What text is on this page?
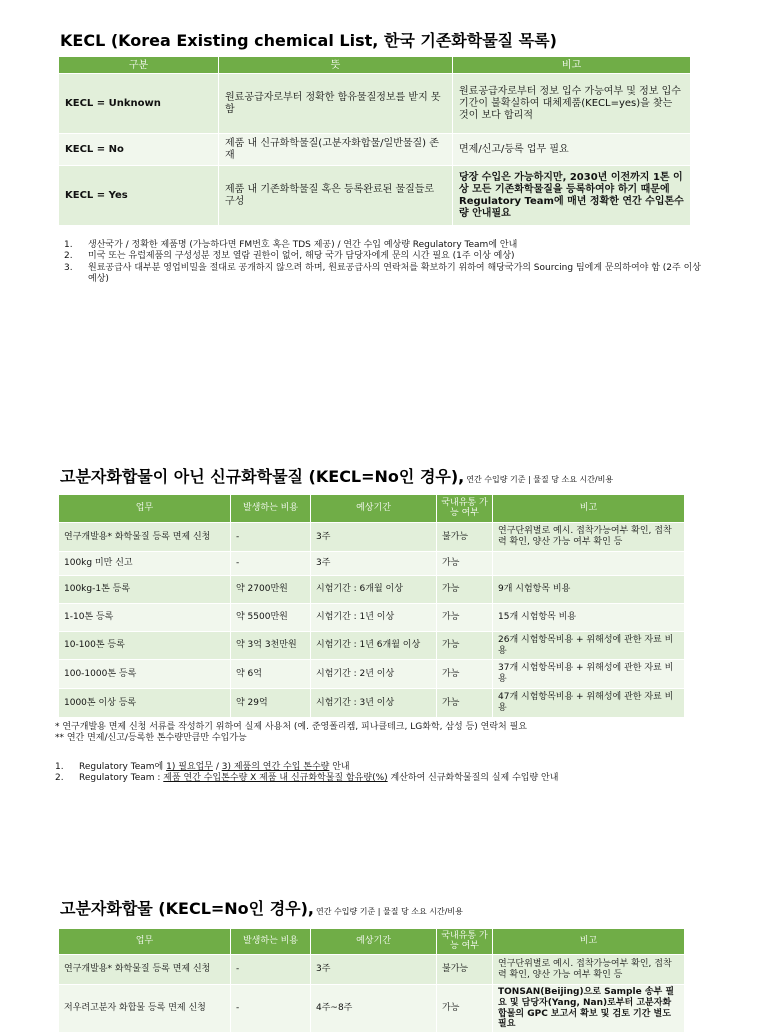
KECL (Korea Existing chemical List, 한국 기존화학물질 목록)
구분	뜻	비고
KECL = Unknown	원료공급자로부터 정확한 함유물질정보를 받지 못함	원료공급자로부터 정보 입수 가능여부 및 정보 입수 기간이 불확실하여 대체제품(KECL=yes)을 찾는 것이 보다 합리적
KECL = No	제품 내 신규화학물질(고분자화합물/일반물질) 존재	면제/신고/등록 업무 필요
KECL = Yes	제품 내 기존화학물질 혹은 등록완료된 물질들로 구성	당장 수입은 가능하지만, 2030년 이전까지 1톤 이상 모든 기존화학물질을 등록하여야 하기 때문에 Regulatory Team에 매년 정확한 연간 수입톤수량 안내필요
1.	생산국가 / 정확한 제품명 (가능하다면 FM번호 혹은 TDS 제공) / 연간 수입 예상량 Regulatory Team에 안내
2.	미국 또는 유럽제품의 구성성분 정보 열람 권한이 없어, 해당 국가 담당자에게 문의 시간 필요 (1주 이상 예상)
3.	원료공급사 대부분 영업비밀을 절대로 공개하지 않으려 하며, 원료공급사의 연락처를 확보하기 위하여 해당국가의 Sourcing 팀에게 문의하여야 함 (2주 이상 예상)
고분자화합물이 아닌 신규화학물질 (KECL=No인 경우), 연간 수입량 기준 | 물질 당 소요 시간/비용
업무	발생하는 비용	예상기간	국내유통 가능 여부	비고
연구개발용* 화학물질 등록 면제 신청	-	3주	불가능	연구단위별로 예시. 접착가능여부 확인, 접착력 확인, 양산 가능 여부 확인 등
100kg 미만 신고	-	3주	가능	
100kg-1톤 등록	약 2700만원	시험기간 : 6개월 이상	가능	9개 시험항목 비용
1-10톤 등록	약 5500만원	시험기간 : 1년 이상	가능	15개 시험항목 비용
10-100톤 등록	약 3억 3천만원	시험기간 : 1년 6개월 이상	가능	26개 시험항목비용 + 위해성에 관한 자료 비용
100-1000톤 등록	약 6억	시험기간 : 2년 이상	가능	37개 시험항목비용 + 위해성에 관한 자료 비용
1000톤 이상 등록	약 29억	시험기간 : 3년 이상	가능	47개 시험항목비용 + 위해성에 관한 자료 비용
* 연구개발용 면제 신청 서류를 작성하기 위하여 실제 사용처 (예. 준영폴리켐, 피나클테크, LG화학, 삼성 등) 연락처 필요
** 연간 면제/신고/등록한 톤수량만큼만 수입가능
1.	Regulatory Team에 1) 필요업무 / 3) 제품의 연간 수입 톤수량 안내
2.	Regulatory Team : 제품 연간 수입톤수량 X 제품 내 신규화학물질 함유량(%) 계산하여 신규화학물질의 실제 수입량 안내
고분자화합물 (KECL=No인 경우), 연간 수입량 기준 | 물질 당 소요 시간/비용
업무	발생하는 비용	예상기간	국내유통 가능 여부	비고
연구개발용* 화학물질 등록 면제 신청	-	3주	불가능	연구단위별로 예시. 접착가능여부 확인, 접착력 확인, 양산 가능 여부 확인 등
저우려고분자 화합물 등록 면제 신청	-	4주~8주	가능	TONSAN(Beijing)으로 Sample 송부 필요 및 담당자(Yang, Nan)로부터 고분자화합물의 GPC 보고서 확보 및 검토 기간 별도 필요
